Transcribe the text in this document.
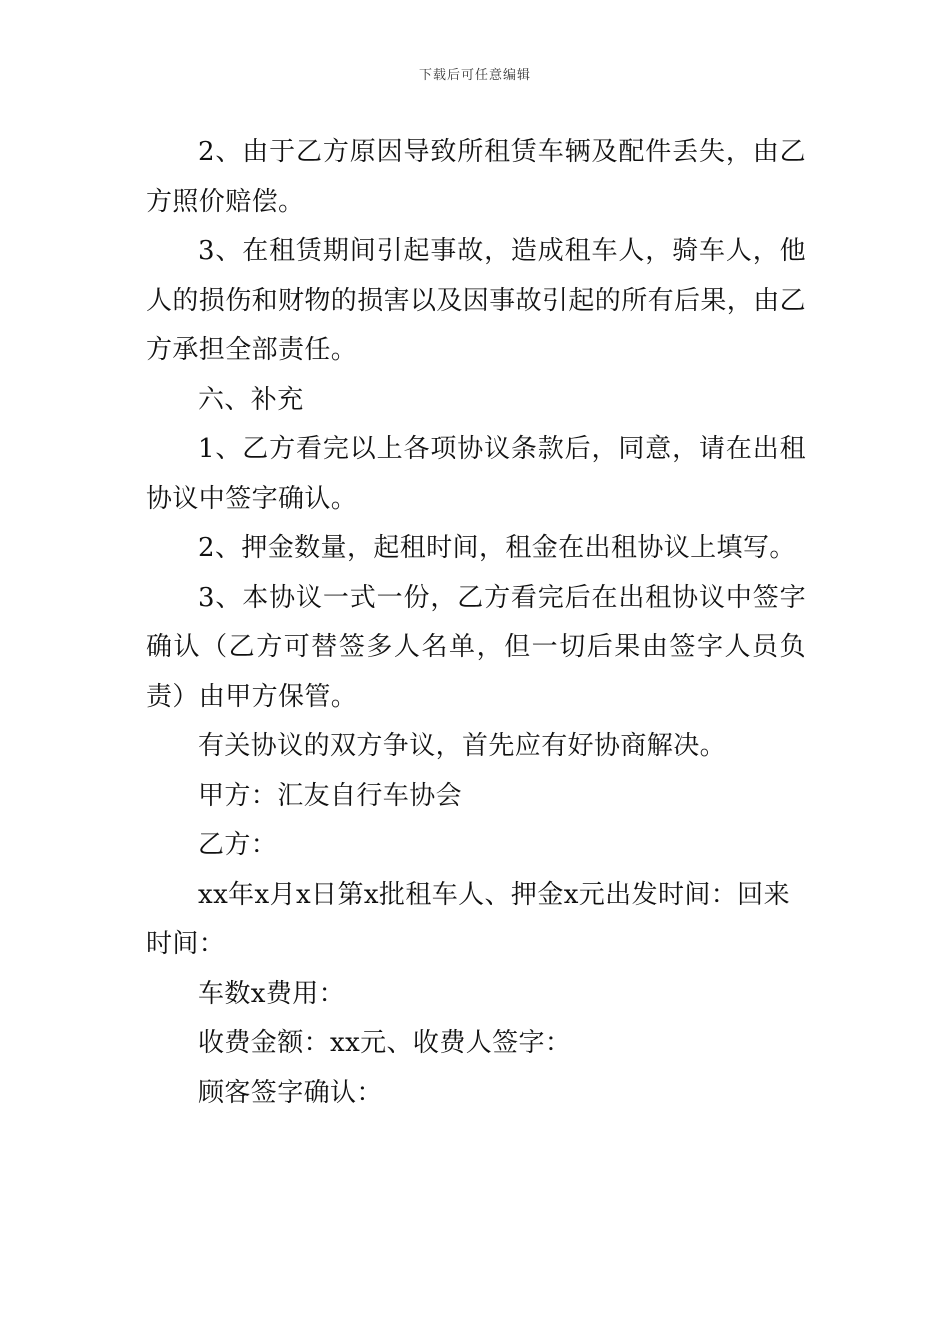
下载后可任意编辑

2、由于乙方原因导致所租赁车辆及配件丢失，由乙方照价赔偿。

3、在租赁期间引起事故，造成租车人，骑车人，他人的损伤和财物的损害以及因事故引起的所有后果，由乙方承担全部责任。

六、补充

1、乙方看完以上各项协议条款后，同意，请在出租协议中签字确认。

2、押金数量，起租时间，租金在出租协议上填写。

3、本协议一式一份，乙方看完后在出租协议中签字确认（乙方可替签多人名单，但一切后果由签字人员负责）由甲方保管。

有关协议的双方争议，首先应有好协商解决。

甲方：汇友自行车协会

乙方：

xx年x月x日第x批租车人、押金x元出发时间：回来时间：

车数x费用：

收费金额：xx元、收费人签字：

顾客签字确认：
